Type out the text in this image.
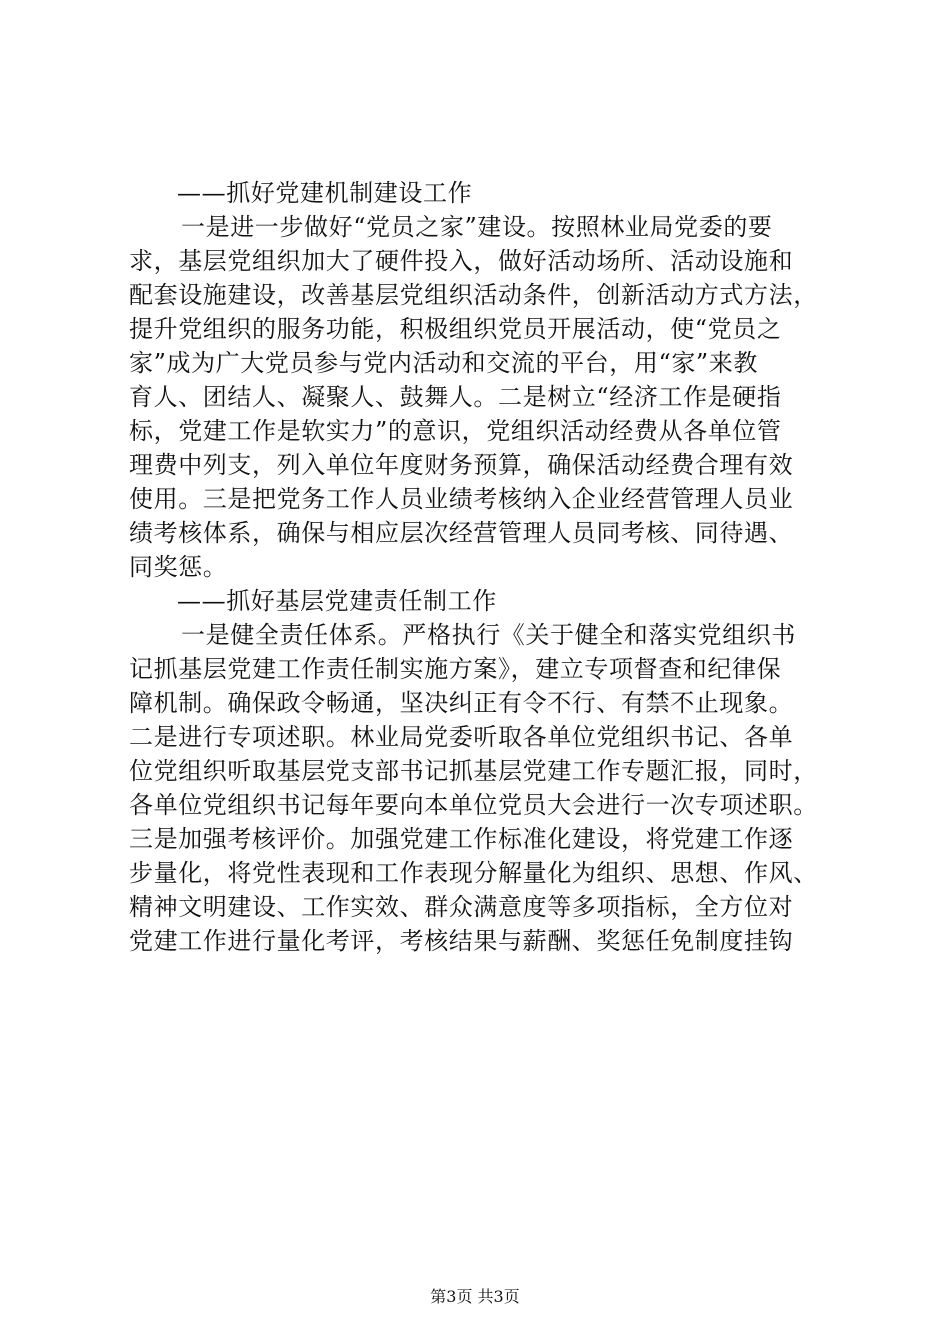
——抓好党建机制建设工作
一是进一步做好“党员之家”建设。按照林业局党委的要
求，基层党组织加大了硬件投入，做好活动场所、活动设施和
配套设施建设，改善基层党组织活动条件，创新活动方式方法，
提升党组织的服务功能，积极组织党员开展活动，使“党员之
家”成为广大党员参与党内活动和交流的平台，用“家”来教
育人、团结人、凝聚人、鼓舞人。二是树立“经济工作是硬指
标，党建工作是软实力”的意识，党组织活动经费从各单位管
理费中列支，列入单位年度财务预算，确保活动经费合理有效
使用。三是把党务工作人员业绩考核纳入企业经营管理人员业
绩考核体系，确保与相应层次经营管理人员同考核、同待遇、
同奖惩。
——抓好基层党建责任制工作
一是健全责任体系。严格执行《关于健全和落实党组织书
记抓基层党建工作责任制实施方案》，建立专项督查和纪律保
障机制。确保政令畅通，坚决纠正有令不行、有禁不止现象。
二是进行专项述职。林业局党委听取各单位党组织书记、各单
位党组织听取基层党支部书记抓基层党建工作专题汇报，同时，
各单位党组织书记每年要向本单位党员大会进行一次专项述职。
三是加强考核评价。加强党建工作标准化建设，将党建工作逐
步量化，将党性表现和工作表现分解量化为组织、思想、作风、
精神文明建设、工作实效、群众满意度等多项指标，全方位对
党建工作进行量化考评，考核结果与薪酬、奖惩任免制度挂钩
第3页 共3页
